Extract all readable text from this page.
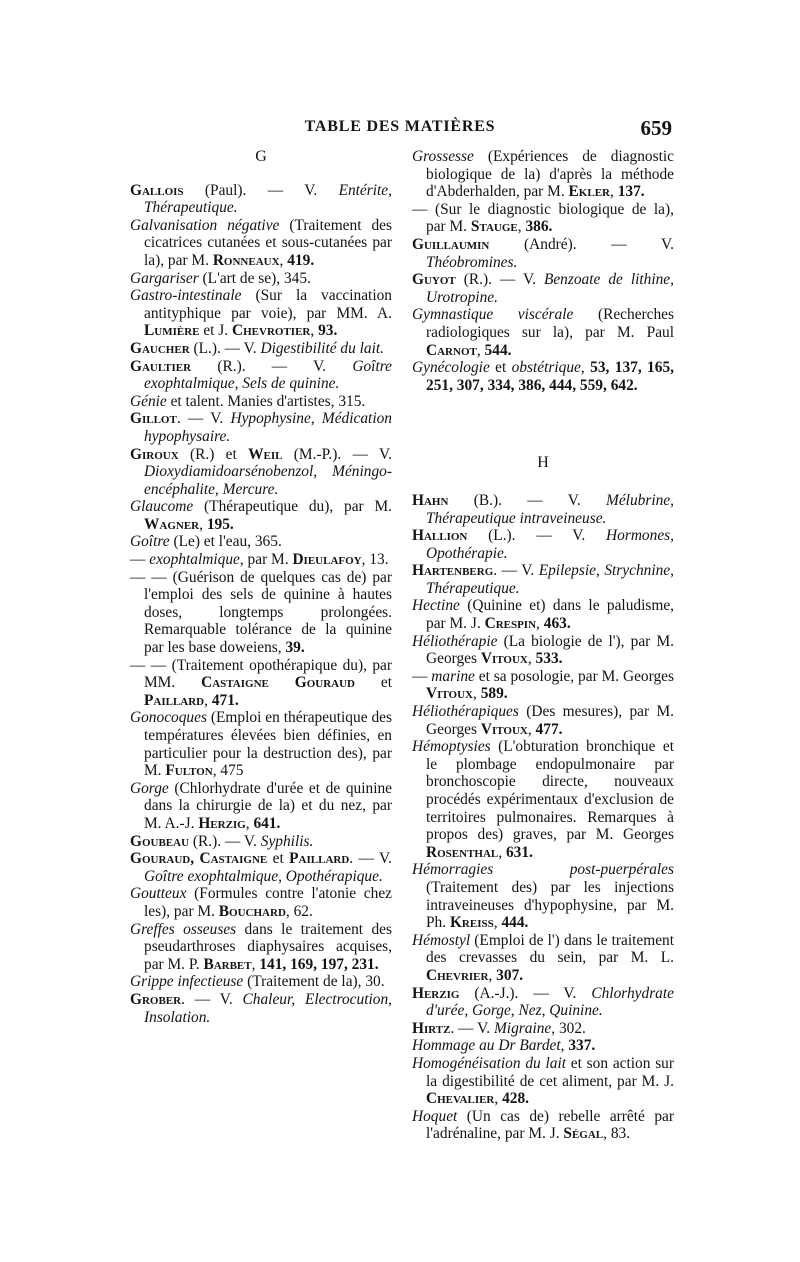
TABLE DES MATIÈRES	659

G

Gallois (Paul). — V. Entérite, Thérapeutique.

Galvanisation négative (Traitement des cicatrices cutanées et sous-cutanées par la), par M. Ronneaux, 419.

Gargariser (L'art de se), 345.

Gastro-intestinale (Sur la vaccination antityphique par voie), par MM. A. Lumière et J. Chevrotier, 93.

Gaucher (L.). — V. Digestibilité du lait.

Gaultier (R.). — V. Goître exophtalmique, Sels de quinine.

Génie et talent. Manies d'artistes, 315.

Gillot. — V. Hypophysine, Médication hypophysaire.

Giroux (R.) et Weil (M.-P.). — V. Dioxydiamidoarsénobenzol, Méningo-encéphalite, Mercure.

Glaucome (Thérapeutique du), par M. Wagner, 195.

Goître (Le) et l'eau, 365.

— exophtalmique, par M. Dieulafoy, 13.

— — (Guérison de quelques cas de) par l'emploi des sels de quinine à hautes doses, longtemps prolongées. Remarquable tolérance de la quinine par les base doweiens, 39.

— — (Traitement opothérapique du), par MM. Castaigne Gouraud et Paillard, 471.

Gonocoques (Emploi en thérapeutique des températures élevées bien définies, en particulier pour la destruction des), par M. Fulton, 475

Gorge (Chlorhydrate d'urée et de quinine dans la chirurgie de la) et du nez, par M. A.-J. Herzig, 641.

Goubeau (R.). — V. Syphilis.

Gouraud, Castaigne et Paillard. — V. Goître exophtalmique, Opothérapique.

Goutteux (Formules contre l'atonie chez les), par M. Bouchard, 62.

Greffes osseuses dans le traitement des pseudarthroses diaphysaires acquises, par M. P. Barbet, 141, 169, 197, 231.

Grippe infectieuse (Traitement de la), 30.

Grober. — V. Chaleur, Electrocution, Insolation.

Grossesse (Expériences de diagnostic biologique de la) d'après la méthode d'Abderhalden, par M. Ekler, 137.

— (Sur le diagnostic biologique de la), par M. Stauge, 386.

Guillaumin (André). — V. Théobromines.

Guyot (R.). — V. Benzoate de lithine, Urotropine.

Gymnastique viscérale (Recherches radiologiques sur la), par M. Paul Carnot, 544.

Gynécologie et obstétrique, 53, 137, 165, 251, 307, 334, 386, 444, 559, 642.

H

Hahn (B.). — V. Mélubrine, Thérapeutique intraveineuse.

Hallion (L.). — V. Hormones, Opothérapie.

Hartenberg. — V. Epilepsie, Strychnine, Thérapeutique.

Hectine (Quinine et) dans le paludisme, par M. J. Crespin, 463.

Héliothérapie (La biologie de l'), par M. Georges Vitoux, 533.

— marine et sa posologie, par M. Georges Vitoux, 589.

Héliothérapiques (Des mesures), par M. Georges Vitoux, 477.

Hémoptysies (L'obturation bronchique et le plombage endopulmonaire par bronchoscopie directe, nouveaux procédés expérimentaux d'exclusion de territoires pulmonaires. Remarques à propos des) graves, par M. Georges Rosenthal, 631.

Hémorragies post-puerpérales (Traitement des) par les injections intraveineuses d'hypophysine, par M. Ph. Kreiss, 444.

Hémostyl (Emploi de l') dans le traitement des crevasses du sein, par M. L. Chevrier, 307.

Herzig (A.-J.). — V. Chlorhydrate d'urée, Gorge, Nez, Quinine.

Hirtz. — V. Migraine, 302.

Hommage au Dr Bardet, 337.

Homogénéisation du lait et son action sur la digestibilité de cet aliment, par M. J. Chevalier, 428.

Hoquet (Un cas de) rebelle arrêté par l'adrénaline, par M. J. Ségal, 83.
